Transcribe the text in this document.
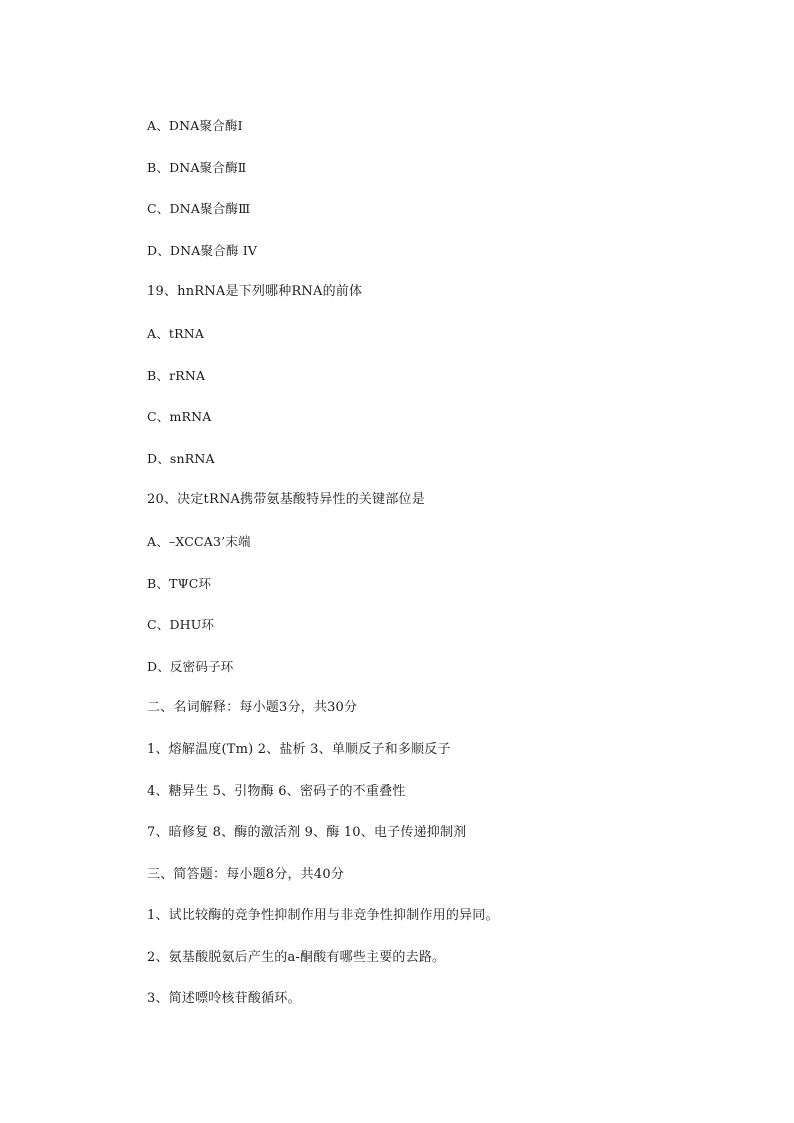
A、DNA聚合酶Ⅰ
B、DNA聚合酶Ⅱ
C、DNA聚合酶Ⅲ
D、DNA聚合酶 IV
19、hnRNA是下列哪种RNA的前体
A、tRNA
B、rRNA
C、mRNA
D、snRNA
20、决定tRNA携带氨基酸特异性的关键部位是
A、–XCCA3’末端
B、TΨC环
C、DHU环
D、反密码子环
二、名词解释：每小题3分，共30分
1、熔解温度(Tm) 2、盐析 3、单顺反子和多顺反子
4、糖异生 5、引物酶 6、密码子的不重叠性
7、暗修复 8、酶的激活剂 9、酶 10、电子传递抑制剂
三、简答题：每小题8分，共40分
1、试比较酶的竞争性抑制作用与非竞争性抑制作用的异同。
2、氨基酸脱氨后产生的a-酮酸有哪些主要的去路。
3、简述嘌呤核苷酸循环。
